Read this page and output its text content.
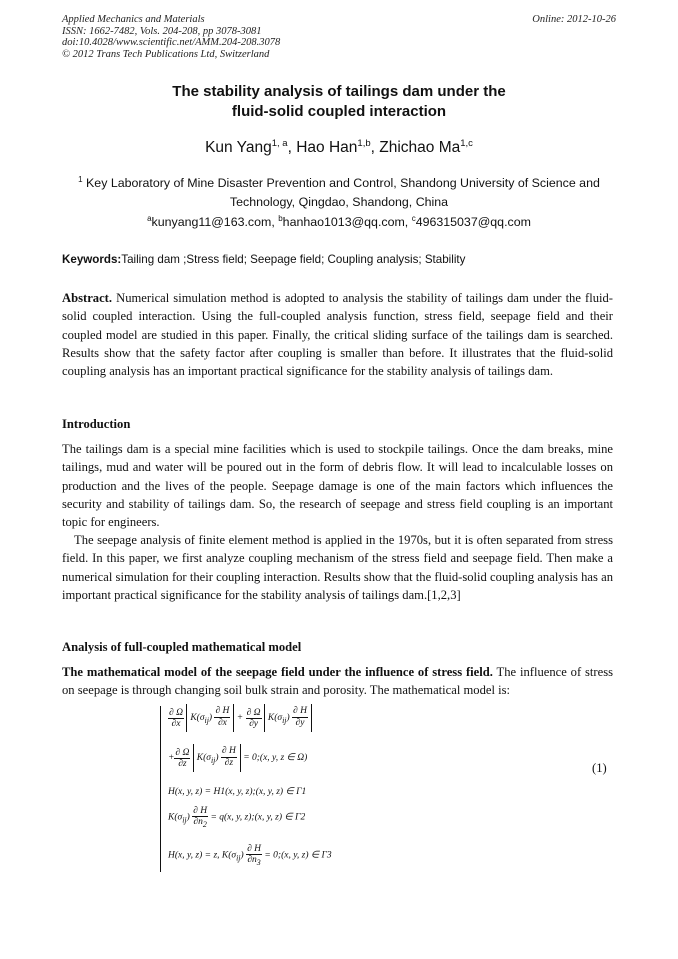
Applied Mechanics and Materials
ISSN: 1662-7482, Vols. 204-208, pp 3078-3081
doi:10.4028/www.scientific.net/AMM.204-208.3078
© 2012 Trans Tech Publications Ltd, Switzerland
Online: 2012-10-26
The stability analysis of tailings dam under the
fluid-solid coupled interaction
Kun Yang$^{1, a}$, Hao Han$^{1,b}$, Zhichao Ma$^{1,c}$
$^1$ Key Laboratory of Mine Disaster Prevention and Control, Shandong University of Science and
Technology, Qingdao, Shandong, China
$^a$kunyang11@163.com, $^b$hanhao1013@qq.com, $^c$496315037@qq.com
Keywords:Tailing dam ;Stress field; Seepage field; Coupling analysis; Stability
Abstract. Numerical simulation method is adopted to analysis the stability of tailings dam under the fluid-solid coupled interaction. Using the full-coupled analysis function, stress field, seepage field and their coupled model are studied in this paper. Finally, the critical sliding surface of the tailings dam is searched. Results show that the safety factor after coupling is smaller than before. It illustrates that the fluid-solid coupling analysis has an important practical significance for the stability analysis of tailings dam.
Introduction
The tailings dam is a special mine facilities which is used to stockpile tailings. Once the dam breaks, mine tailings, mud and water will be poured out in the form of debris flow. It will lead to incalculable losses on production and the lives of the people. Seepage damage is one of the main factors which influences the security and stability of tailings dam. So, the research of seepage and stress field coupling is an important topic for engineers.
The seepage analysis of finite element method is applied in the 1970s, but it is often separated from stress field. In this paper, we first analyze coupling mechanism of the stress field and seepage field. Then make a numerical simulation for their coupling interaction. Results show that the fluid-solid coupling analysis has an important practical significance for the stability analysis of tailings dam.[1,2,3]
Analysis of full-coupled mathematical model
The mathematical model of the seepage field under the influence of stress field. The influence of stress on seepage is through changing soil bulk strain and porosity. The mathematical model is:
$\frac{\partial \Omega}{\partial x} K(\sigma_{ij}) \frac{\partial H}{\partial x} + \frac{\partial \Omega}{\partial y} K(\sigma_{ij}) \frac{\partial H}{\partial y}$
+ $\frac{\partial \Omega}{\partial z} K(\sigma_{ij}) \frac{\partial H}{\partial z}$ = 0;(x, y, z ∈ Ω)
H(x, y, z) = H1(x, y, z);(x, y, z) ∈ Γ1
$K(\sigma_{ij}) \frac{\partial H}{\partial n_2} = q(x$, y, z);(x, y, z) ∈ Γ2
H(x, y, z) = z, $K(\sigma_{ij}) \frac{\partial H}{\partial n_3}$ = 0;(x, y, z) ∈ Γ3
(1)
